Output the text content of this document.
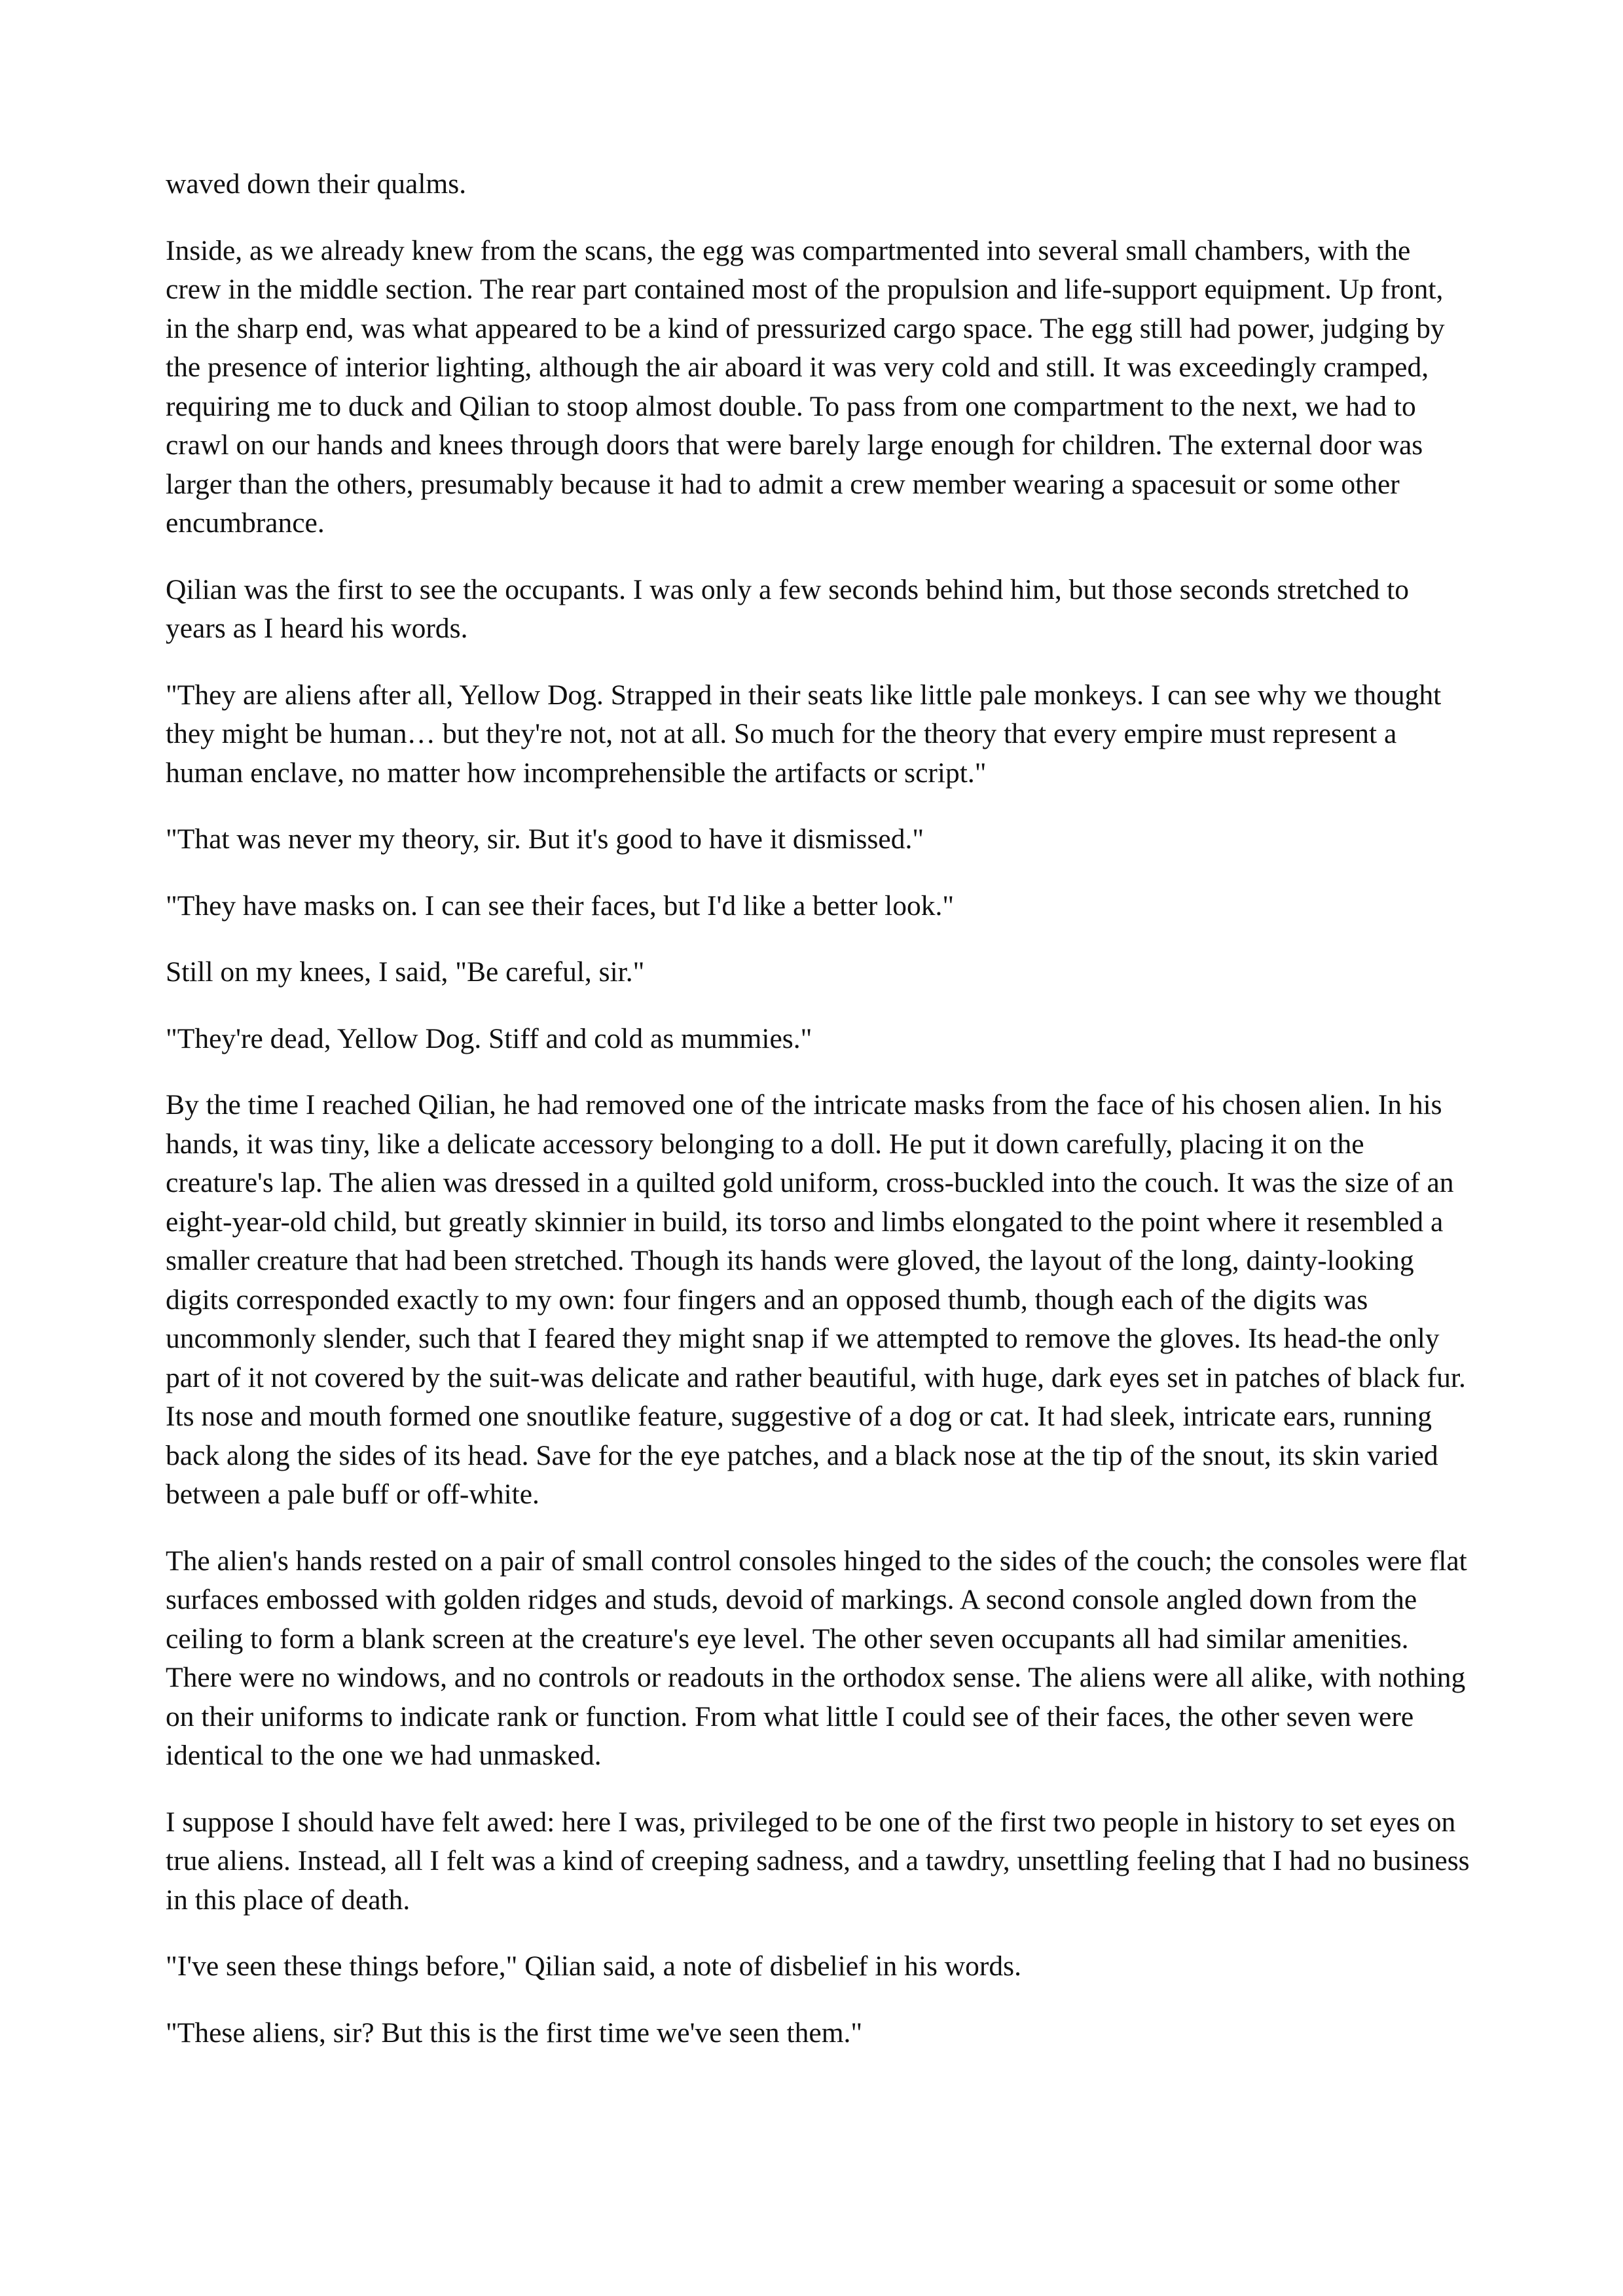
waved down their qualms.

Inside, as we already knew from the scans, the egg was compartmented into several small chambers, with the crew in the middle section. The rear part contained most of the propulsion and life-support equipment. Up front, in the sharp end, was what appeared to be a kind of pressurized cargo space. The egg still had power, judging by the presence of interior lighting, although the air aboard it was very cold and still. It was exceedingly cramped, requiring me to duck and Qilian to stoop almost double. To pass from one compartment to the next, we had to crawl on our hands and knees through doors that were barely large enough for children. The external door was larger than the others, presumably because it had to admit a crew member wearing a spacesuit or some other encumbrance.

Qilian was the first to see the occupants. I was only a few seconds behind him, but those seconds stretched to years as I heard his words.

"They are aliens after all, Yellow Dog. Strapped in their seats like little pale monkeys. I can see why we thought they might be human… but they're not, not at all. So much for the theory that every empire must represent a human enclave, no matter how incomprehensible the artifacts or script."

"That was never my theory, sir. But it's good to have it dismissed."

"They have masks on. I can see their faces, but I'd like a better look."

Still on my knees, I said, "Be careful, sir."

"They're dead, Yellow Dog. Stiff and cold as mummies."

By the time I reached Qilian, he had removed one of the intricate masks from the face of his chosen alien. In his hands, it was tiny, like a delicate accessory belonging to a doll. He put it down carefully, placing it on the creature's lap. The alien was dressed in a quilted gold uniform, cross-buckled into the couch. It was the size of an eight-year-old child, but greatly skinnier in build, its torso and limbs elongated to the point where it resembled a smaller creature that had been stretched. Though its hands were gloved, the layout of the long, dainty-looking digits corresponded exactly to my own: four fingers and an opposed thumb, though each of the digits was uncommonly slender, such that I feared they might snap if we attempted to remove the gloves. Its head-the only part of it not covered by the suit-was delicate and rather beautiful, with huge, dark eyes set in patches of black fur. Its nose and mouth formed one snoutlike feature, suggestive of a dog or cat. It had sleek, intricate ears, running back along the sides of its head. Save for the eye patches, and a black nose at the tip of the snout, its skin varied between a pale buff or off-white.

The alien's hands rested on a pair of small control consoles hinged to the sides of the couch; the consoles were flat surfaces embossed with golden ridges and studs, devoid of markings. A second console angled down from the ceiling to form a blank screen at the creature's eye level. The other seven occupants all had similar amenities. There were no windows, and no controls or readouts in the orthodox sense. The aliens were all alike, with nothing on their uniforms to indicate rank or function. From what little I could see of their faces, the other seven were identical to the one we had unmasked.

I suppose I should have felt awed: here I was, privileged to be one of the first two people in history to set eyes on true aliens. Instead, all I felt was a kind of creeping sadness, and a tawdry, unsettling feeling that I had no business in this place of death.

"I've seen these things before," Qilian said, a note of disbelief in his words.

"These aliens, sir? But this is the first time we've seen them."
